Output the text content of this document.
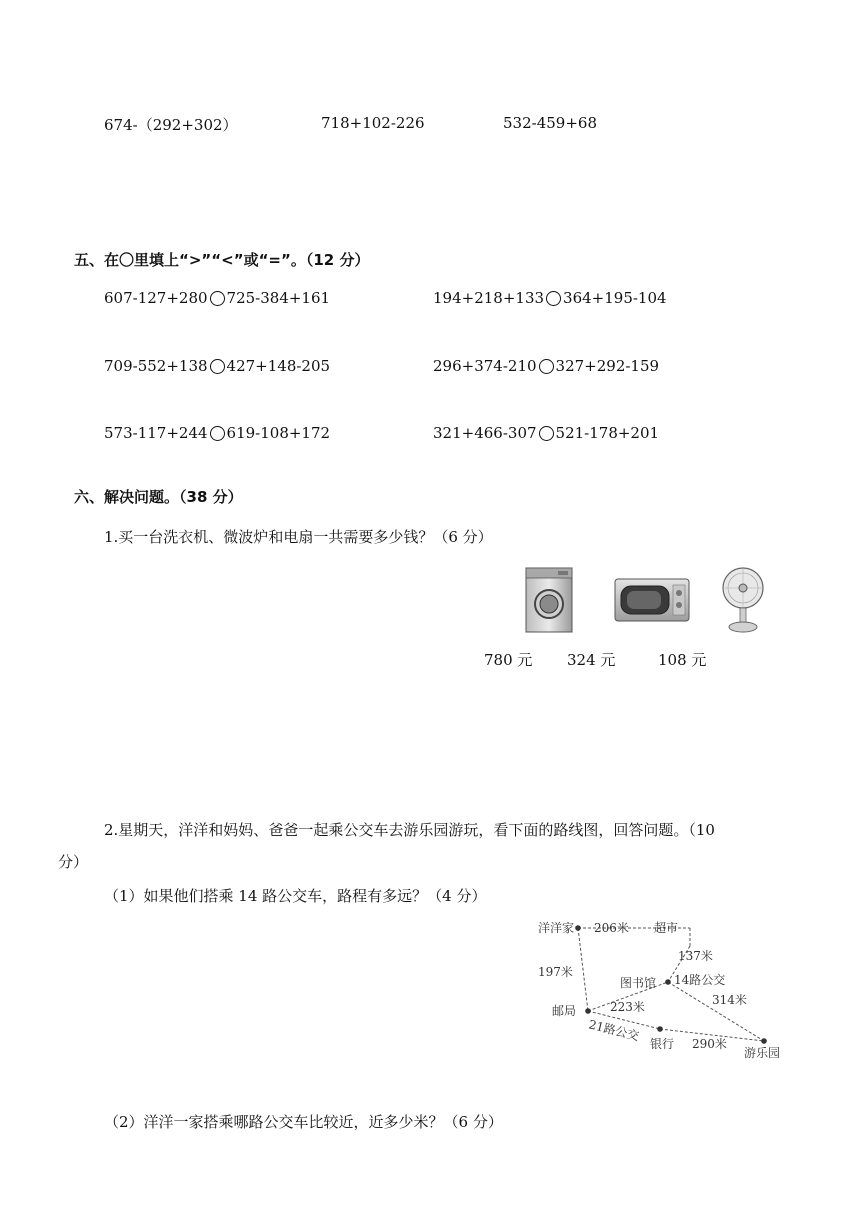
674-（292+302）	718+102-226	532-459+68
五、在〇里填上“>”“<”或“=”。（12 分）
607-127+280 725-384+161	194+218+133 364+195-104
709-552+138 427+148-205	296+374-210 327+292-159
573-117+244 619-108+172	321+466-307 521-178+201
六、解决问题。（38 分）
1.买一台洗衣机、微波炉和电扇一共需要多少钱？（6 分）
780 元 324 元	108 元
2.星期天，洋洋和妈妈、爸爸一起乘公交车去游乐园游玩，看下面的路线图，回答问题。（10
分）
（1）如果他们搭乘 14 路公交车，路程有多远？（4 分）
洋洋家 206米 超市
137米
197米
图书馆 14路公交
314米
223米
邮局
21路公交
银行 290米
游乐园
（2）洋洋一家搭乘哪路公交车比较近，近多少米？（6 分）
